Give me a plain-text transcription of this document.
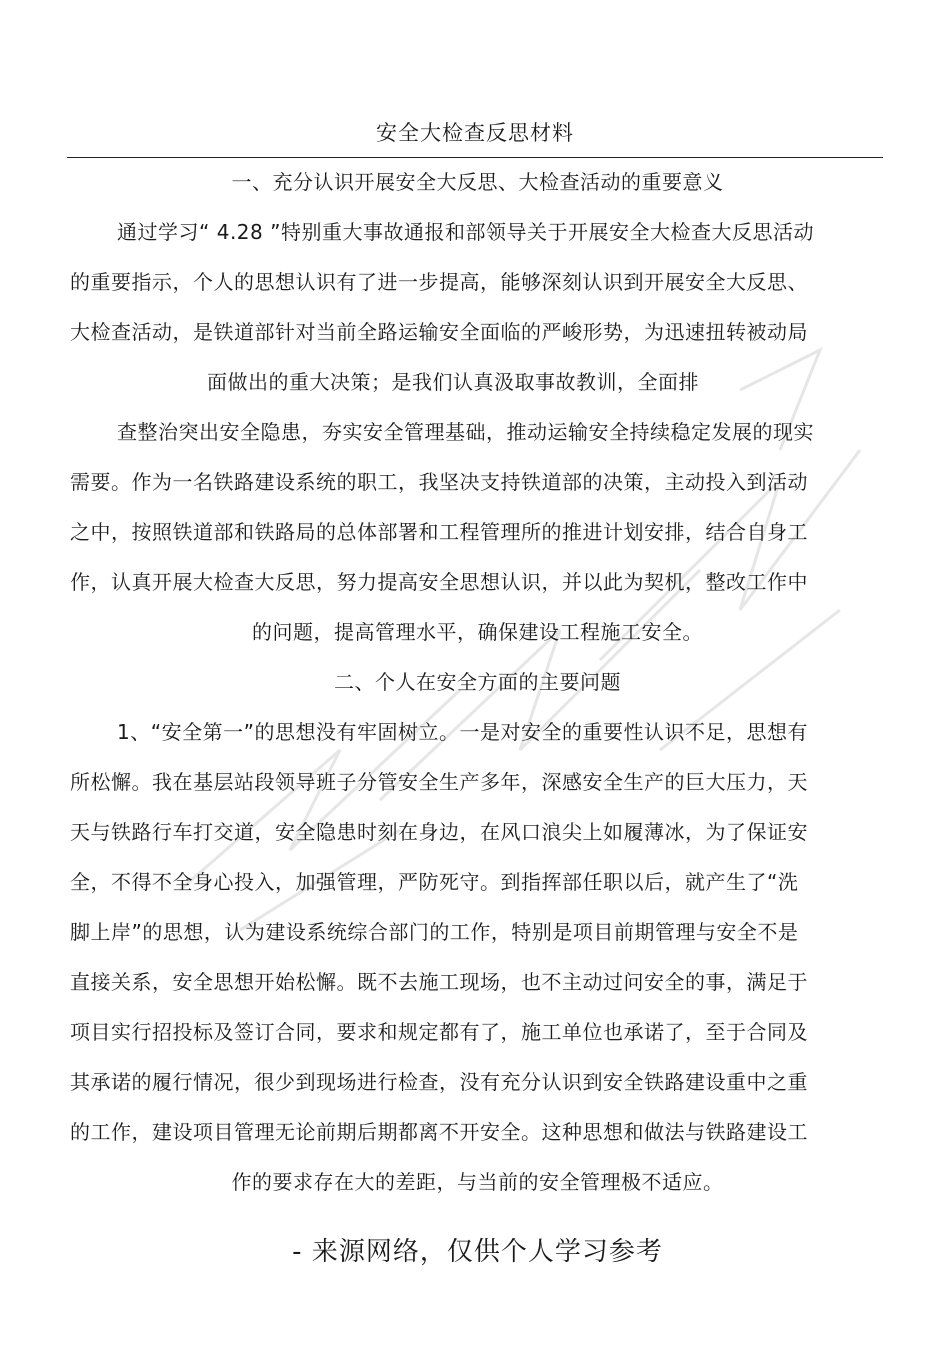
安全大检查反思材料
一、充分认识开展安全大反思、大检查活动的重要意义
通过学习“ 4.28 ”特别重大事故通报和部领导关于开展安全大检查大反思活动
的重要指示，个人的思想认识有了进一步提高，能够深刻认识到开展安全大反思、
大检查活动，是铁道部针对当前全路运输安全面临的严峻形势，为迅速扭转被动局
面做出的重大决策；是我们认真汲取事故教训，全面排
查整治突出安全隐患，夯实安全管理基础，推动运输安全持续稳定发展的现实
需要。作为一名铁路建设系统的职工，我坚决支持铁道部的决策，主动投入到活动
之中，按照铁道部和铁路局的总体部署和工程管理所的推进计划安排，结合自身工
作，认真开展大检查大反思，努力提高安全思想认识，并以此为契机，整改工作中
的问题，提高管理水平，确保建设工程施工安全。
二、个人在安全方面的主要问题
1、“安全第一”的思想没有牢固树立。一是对安全的重要性认识不足，思想有
所松懈。我在基层站段领导班子分管安全生产多年，深感安全生产的巨大压力，天
天与铁路行车打交道，安全隐患时刻在身边，在风口浪尖上如履薄冰，为了保证安
全，不得不全身心投入，加强管理，严防死守。到指挥部任职以后，就产生了“洗
脚上岸”的思想，认为建设系统综合部门的工作，特别是项目前期管理与安全不是
直接关系，安全思想开始松懈。既不去施工现场，也不主动过问安全的事，满足于
项目实行招投标及签订合同，要求和规定都有了，施工单位也承诺了，至于合同及
其承诺的履行情况，很少到现场进行检查，没有充分认识到安全铁路建设重中之重
的工作，建设项目管理无论前期后期都离不开安全。这种思想和做法与铁路建设工
作的要求存在大的差距，与当前的安全管理极不适应。
- 来源网络，仅供个人学习参考
